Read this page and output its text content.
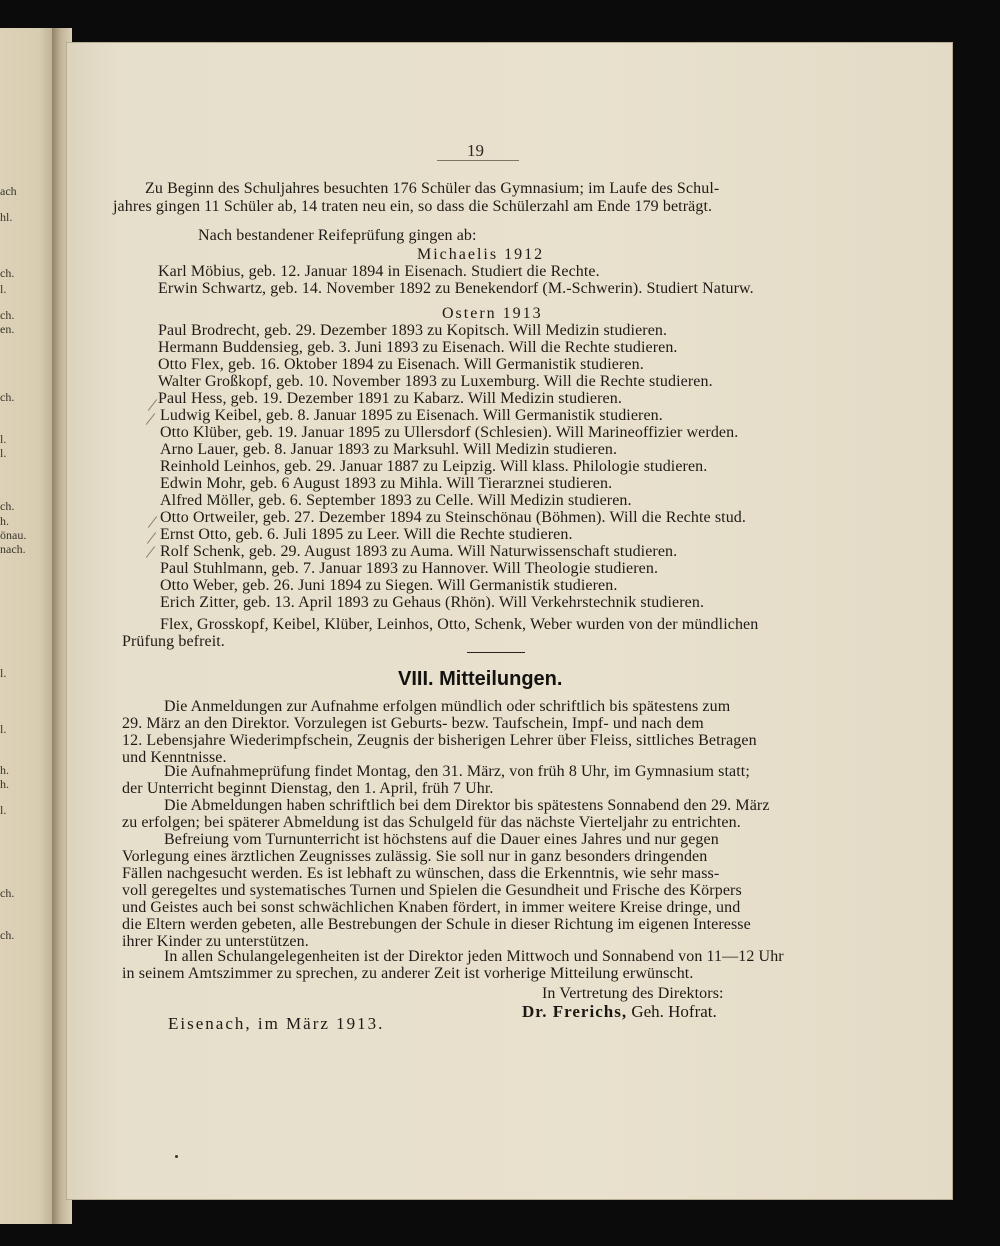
ach
hl.
ch.
l.
ch.
en.
ch.
l.
l.
ch.
h.
önau.
nach.
l.
l.
h.
h.
l.
ch.
ch.
19
Zu Beginn des Schuljahres besuchten 176 Schüler das Gymnasium; im Laufe des Schul-
jahres gingen 11 Schüler ab, 14 traten neu ein, so dass die Schülerzahl am Ende 179 beträgt.
Nach bestandener Reifeprüfung gingen ab:
Michaelis 1912
Karl Möbius, geb. 12. Januar 1894 in Eisenach. Studiert die Rechte.
Erwin Schwartz, geb. 14. November 1892 zu Benekendorf (M.-Schwerin). Studiert Naturw.
Ostern 1913
Paul Brodrecht, geb. 29. Dezember 1893 zu Kopitsch. Will Medizin studieren.
Hermann Buddensieg, geb. 3. Juni 1893 zu Eisenach. Will die Rechte studieren.
Otto Flex, geb. 16. Oktober 1894 zu Eisenach. Will Germanistik studieren.
Walter Großkopf, geb. 10. November 1893 zu Luxemburg. Will die Rechte studieren.
Paul Hess, geb. 19. Dezember 1891 zu Kabarz. Will Medizin studieren.
Ludwig Keibel, geb. 8. Januar 1895 zu Eisenach. Will Germanistik studieren.
Otto Klüber, geb. 19. Januar 1895 zu Ullersdorf (Schlesien). Will Marineoffizier werden.
Arno Lauer, geb. 8. Januar 1893 zu Marksuhl. Will Medizin studieren.
Reinhold Leinhos, geb. 29. Januar 1887 zu Leipzig. Will klass. Philologie studieren.
Edwin Mohr, geb. 6 August 1893 zu Mihla. Will Tierarznei studieren.
Alfred Möller, geb. 6. September 1893 zu Celle. Will Medizin studieren.
Otto Ortweiler, geb. 27. Dezember 1894 zu Steinschönau (Böhmen). Will die Rechte stud.
Ernst Otto, geb. 6. Juli 1895 zu Leer. Will die Rechte studieren.
Rolf Schenk, geb. 29. August 1893 zu Auma. Will Naturwissenschaft studieren.
Paul Stuhlmann, geb. 7. Januar 1893 zu Hannover. Will Theologie studieren.
Otto Weber, geb. 26. Juni 1894 zu Siegen. Will Germanistik studieren.
Erich Zitter, geb. 13. April 1893 zu Gehaus (Rhön). Will Verkehrstechnik studieren.
Flex, Grosskopf, Keibel, Klüber, Leinhos, Otto, Schenk, Weber wurden von der mündlichen
Prüfung befreit.
VIII. Mitteilungen.
Die Anmeldungen zur Aufnahme erfolgen mündlich oder schriftlich bis spätestens zum
29. März an den Direktor. Vorzulegen ist Geburts- bezw. Taufschein, Impf- und nach dem
12. Lebensjahre Wiederimpfschein, Zeugnis der bisherigen Lehrer über Fleiss, sittliches Betragen
und Kenntnisse.
Die Aufnahmeprüfung findet Montag, den 31. März, von früh 8 Uhr, im Gymnasium statt;
der Unterricht beginnt Dienstag, den 1. April, früh 7 Uhr.
Die Abmeldungen haben schriftlich bei dem Direktor bis spätestens Sonnabend den 29. März
zu erfolgen; bei späterer Abmeldung ist das Schulgeld für das nächste Vierteljahr zu entrichten.
Befreiung vom Turnunterricht ist höchstens auf die Dauer eines Jahres und nur gegen
Vorlegung eines ärztlichen Zeugnisses zulässig. Sie soll nur in ganz besonders dringenden
Fällen nachgesucht werden. Es ist lebhaft zu wünschen, dass die Erkenntnis, wie sehr mass-
voll geregeltes und systematisches Turnen und Spielen die Gesundheit und Frische des Körpers
und Geistes auch bei sonst schwächlichen Knaben fördert, in immer weitere Kreise dringe, und
die Eltern werden gebeten, alle Bestrebungen der Schule in dieser Richtung im eigenen Interesse
ihrer Kinder zu unterstützen.
In allen Schulangelegenheiten ist der Direktor jeden Mittwoch und Sonnabend von 11—12 Uhr
in seinem Amtszimmer zu sprechen, zu anderer Zeit ist vorherige Mitteilung erwünscht.
In Vertretung des Direktors:
Eisenach, im März 1913.
Dr. Frerichs, Geh. Hofrat.
